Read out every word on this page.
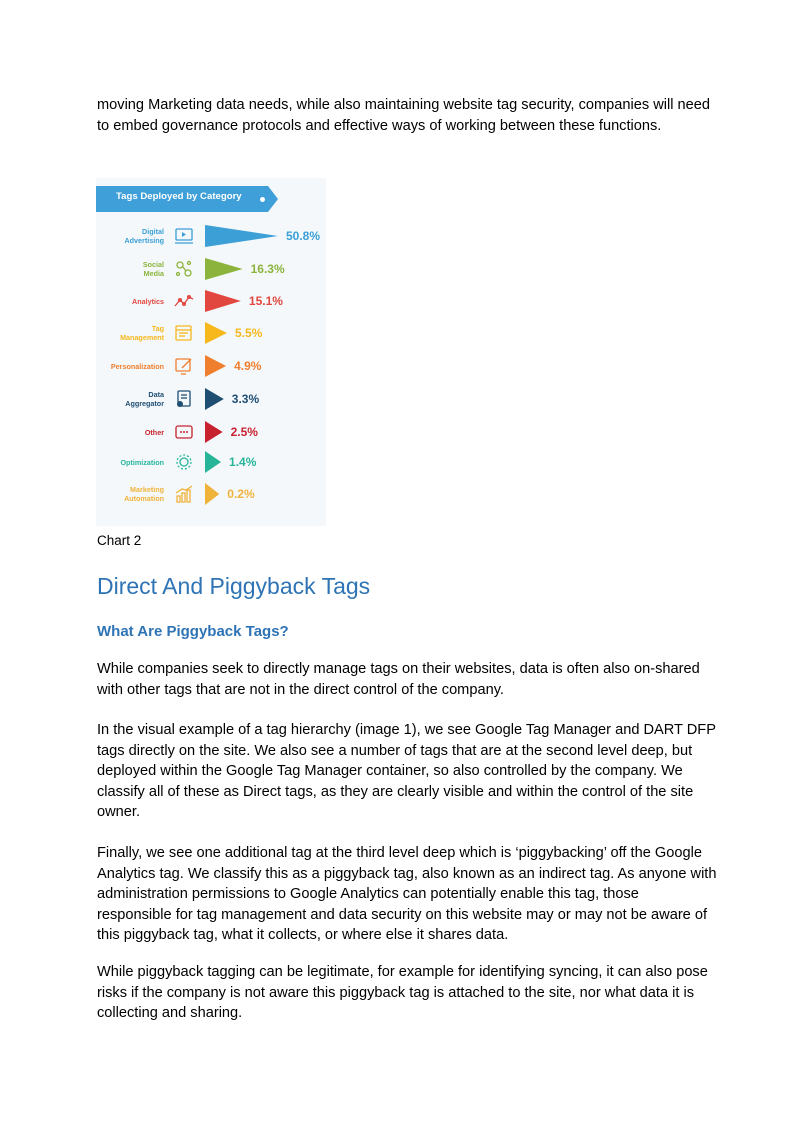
moving Marketing data needs, while also maintaining website tag security, companies will need to embed governance protocols and effective ways of working between these functions.

Tags Deployed by Category
Digital
Advertising	50.8%
Social
Media	16.3%
Analytics	15.1%
Tag
Management	5.5%
Personalization	4.9%
Data
Aggregator	3.3%
Other	2.5%
Optimization	1.4%
Marketing
Automation	0.2%

Chart 2

Direct And Piggyback Tags
What Are Piggyback Tags?

While companies seek to directly manage tags on their websites, data is often also on-shared with other tags that are not in the direct control of the company.

In the visual example of a tag hierarchy (image 1), we see Google Tag Manager and DART DFP tags directly on the site. We also see a number of tags that are at the second level deep, but deployed within the Google Tag Manager container, so also controlled by the company. We classify all of these as Direct tags, as they are clearly visible and within the control of the site owner.

Finally, we see one additional tag at the third level deep which is ‘piggybacking’ off the Google Analytics tag. We classify this as a piggyback tag, also known as an indirect tag. As anyone with administration permissions to Google Analytics can potentially enable this tag, those responsible for tag management and data security on this website may or may not be aware of this piggyback tag, what it collects, or where else it shares data.

While piggyback tagging can be legitimate, for example for identifying syncing, it can also pose risks if the company is not aware this piggyback tag is attached to the site, nor what data it is collecting and sharing.
